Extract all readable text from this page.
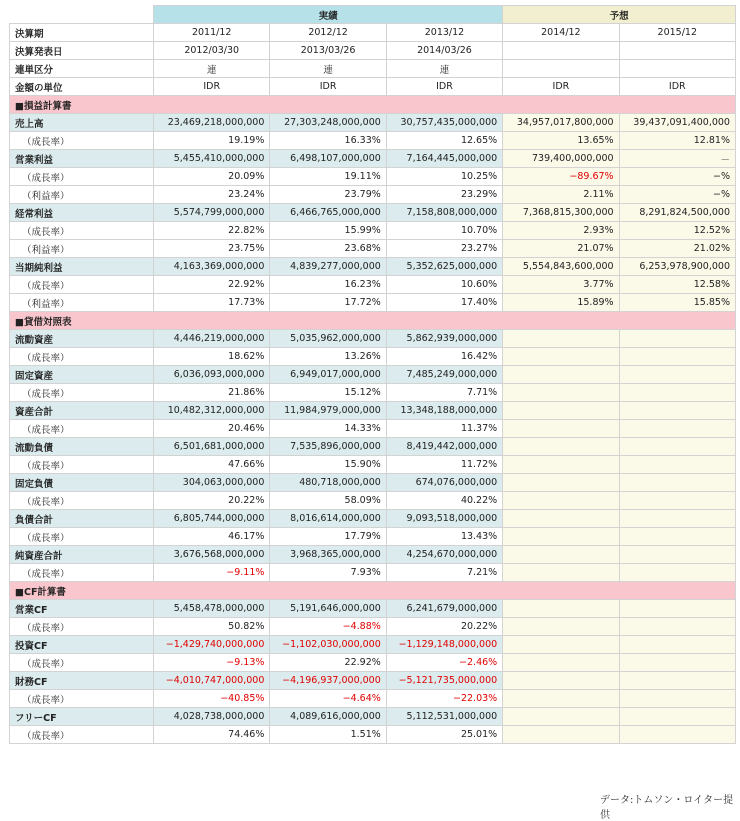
	実績			予想	
決算期	2011/12	2012/12	2013/12	2014/12	2015/12
決算発表日	2012/03/30	2013/03/26	2014/03/26		
連単区分	連	連	連		
金額の単位	IDR	IDR	IDR	IDR	IDR
■損益計算書					
売上高	23,469,218,000,000	27,303,248,000,000	30,757,435,000,000	34,957,017,800,000	39,437,091,400,000
（成長率）	19.19%	16.33%	12.65%	13.65%	12.81%
営業利益	5,455,410,000,000	6,498,107,000,000	7,164,445,000,000	739,400,000,000	－
（成長率）	20.09%	19.11%	10.25%	−89.67%	−%
（利益率）	23.24%	23.79%	23.29%	2.11%	−%
経常利益	5,574,799,000,000	6,466,765,000,000	7,158,808,000,000	7,368,815,300,000	8,291,824,500,000
（成長率）	22.82%	15.99%	10.70%	2.93%	12.52%
（利益率）	23.75%	23.68%	23.27%	21.07%	21.02%
当期純利益	4,163,369,000,000	4,839,277,000,000	5,352,625,000,000	5,554,843,600,000	6,253,978,900,000
（成長率）	22.92%	16.23%	10.60%	3.77%	12.58%
（利益率）	17.73%	17.72%	17.40%	15.89%	15.85%
■貸借対照表					
流動資産	4,446,219,000,000	5,035,962,000,000	5,862,939,000,000		
（成長率）	18.62%	13.26%	16.42%		
固定資産	6,036,093,000,000	6,949,017,000,000	7,485,249,000,000		
（成長率）	21.86%	15.12%	7.71%		
資産合計	10,482,312,000,000	11,984,979,000,000	13,348,188,000,000		
（成長率）	20.46%	14.33%	11.37%		
流動負債	6,501,681,000,000	7,535,896,000,000	8,419,442,000,000		
（成長率）	47.66%	15.90%	11.72%		
固定負債	304,063,000,000	480,718,000,000	674,076,000,000		
（成長率）	20.22%	58.09%	40.22%		
負債合計	6,805,744,000,000	8,016,614,000,000	9,093,518,000,000		
（成長率）	46.17%	17.79%	13.43%		
純資産合計	3,676,568,000,000	3,968,365,000,000	4,254,670,000,000		
（成長率）	−9.11%	7.93%	7.21%		
■CF計算書					
営業CF	5,458,478,000,000	5,191,646,000,000	6,241,679,000,000		
（成長率）	50.82%	−4.88%	20.22%		
投資CF	−1,429,740,000,000	−1,102,030,000,000	−1,129,148,000,000		
（成長率）	−9.13%	22.92%	−2.46%		
財務CF	−4,010,747,000,000	−4,196,937,000,000	−5,121,735,000,000		
（成長率）	−40.85%	−4.64%	−22.03%		
フリーCF	4,028,738,000,000	4,089,616,000,000	5,112,531,000,000		
（成長率）	74.46%	1.51%	25.01%		
データ:トムソン・ロイター提供
